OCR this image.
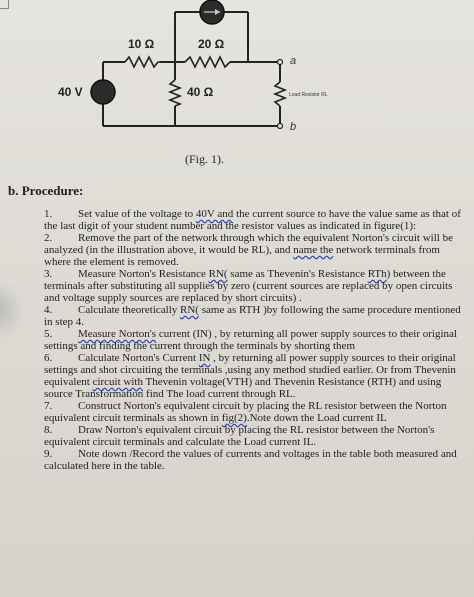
+
−
10 Ω	20 Ω
40 Ω
40 V
a
b
Load Resistor RL
(Fig. 1).
b. Procedure:

1. Set value of the voltage to 40V and the current source to have the value same as that of the last digit of your student number and the resistor values as indicated in figure(1):

2. Remove the part of the network through which the equivalent Norton's circuit will be analyzed (in the illustration above, it would be RL), and name the network terminals from where the element is removed.

3. Measure Norton's Resistance RN( same as Thevenin's Resistance RTh) between the terminals after substituting all supplies by zero (current sources are replaced by open circuits and voltage supply sources are replaced by short circuits) .

4. Calculate theoretically RN( same as RTH )by following the same procedure mentioned in step 4.

5. Measure Norton's current (IN) , by returning all power supply sources to their original settings and finding the current through the terminals by shorting them

6. Calculate Norton's Current IN , by returning all power supply sources to their original settings and shot circuiting the terminals ,using any method studied earlier. Or from Thevenin equivalent circuit with Thevenin voltage(VTH) and Thevenin Resistance (RTH) and using source Transformation find The load current through RL.

7. Construct Norton's equivalent circuit by placing the RL resistor between the Norton equivalent circuit terminals as shown in fig(2).Note down the Load current IL

8. Draw Norton's equivalent circuit by placing the RL resistor between the Norton's equivalent circuit terminals and calculate the Load current IL.

9. Note down /Record the values of currents and voltages in the table both measured and calculated here in the table.
